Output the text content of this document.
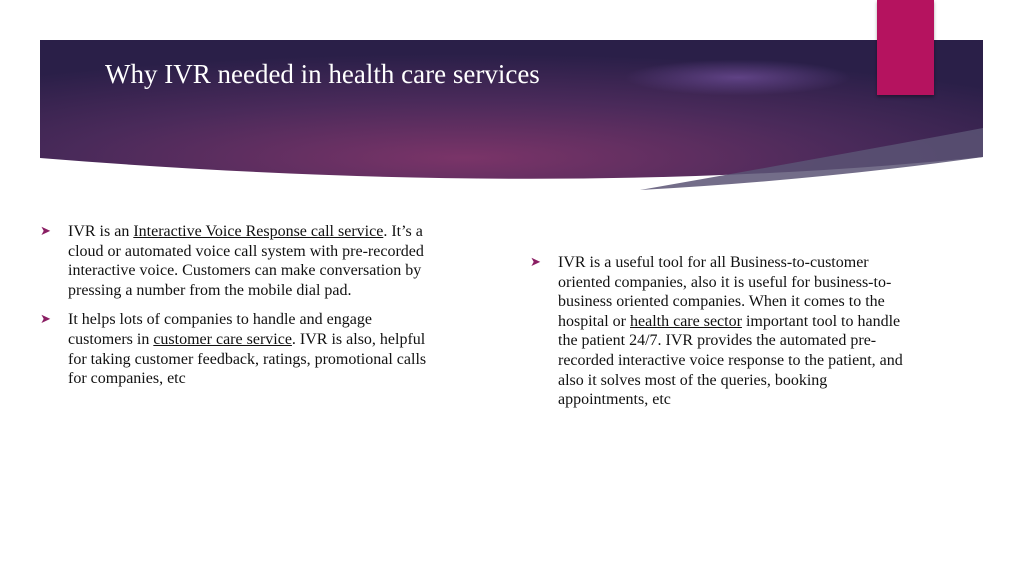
Why IVR needed in health care services
➤ IVR is an Interactive Voice Response call service. It’s a cloud or automated voice call system with pre-recorded interactive voice. Customers can make conversation by pressing a number from the mobile dial pad.
➤ It helps lots of companies to handle and engage customers in customer care service. IVR is also, helpful for taking customer feedback, ratings, promotional calls for companies, etc
➤ IVR is a useful tool for all Business-to-customer oriented companies, also it is useful for business-to-business oriented companies. When it comes to the hospital or health care sector important tool to handle the patient 24/7. IVR provides the automated pre-recorded interactive voice response to the patient, and also it solves most of the queries, booking appointments, etc
